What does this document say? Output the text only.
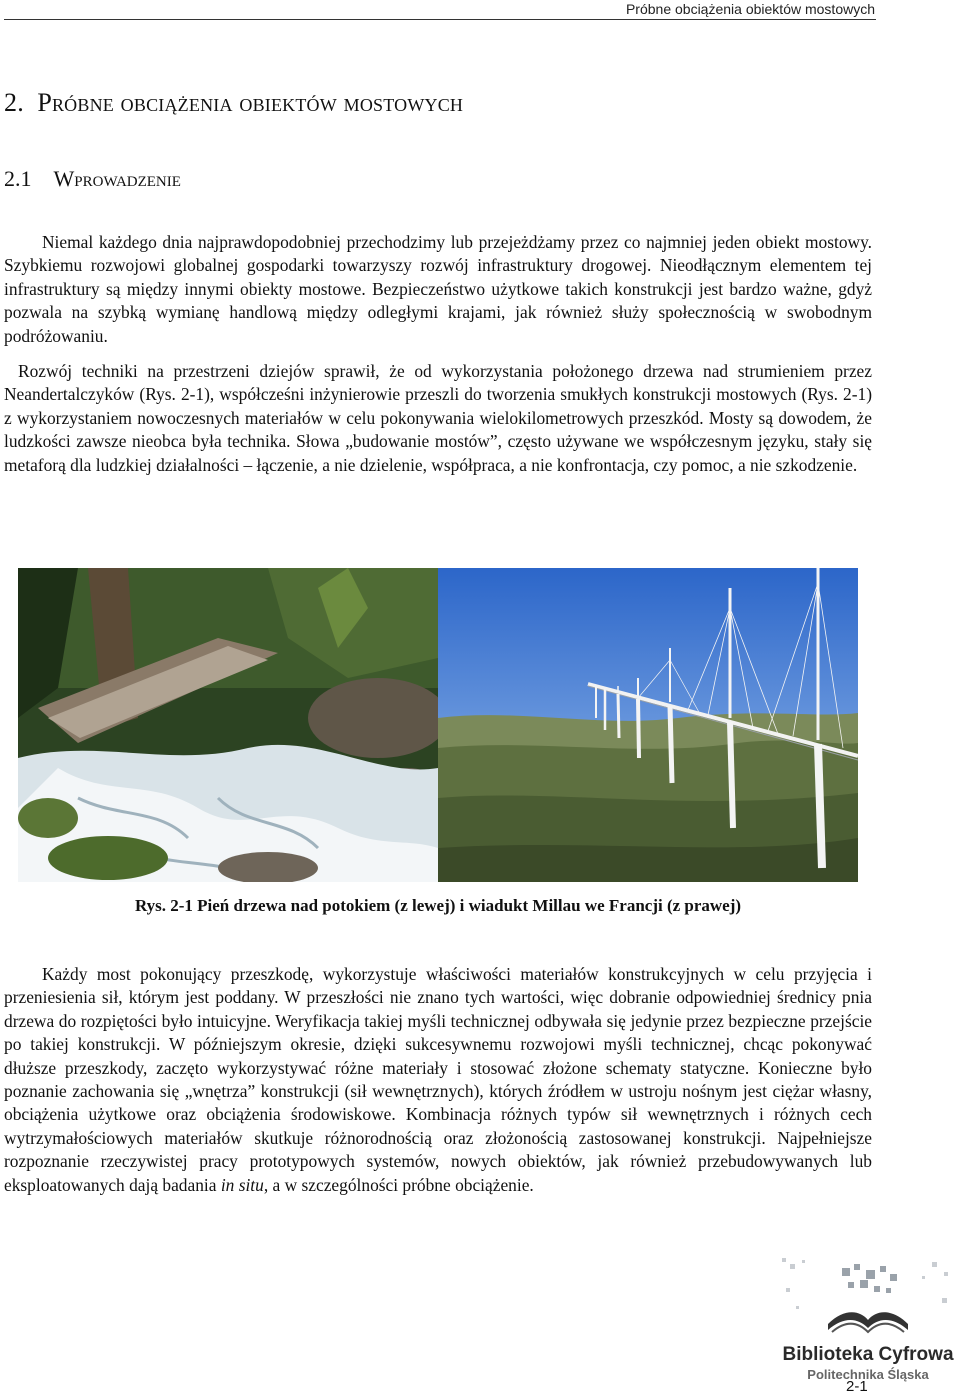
Próbne obciążenia obiektów mostowych
2. Próbne obciążenia obiektów mostowych
2.1 Wprowadzenie

Niemal każdego dnia najprawdopodobniej przechodzimy lub przejeżdżamy przez co najmniej jeden obiekt mostowy. Szybkiemu rozwojowi globalnej gospodarki towarzyszy rozwój infrastruktury drogowej. Nieodłącznym elementem tej infrastruktury są między innymi obiekty mostowe. Bezpieczeństwo użytkowe takich konstrukcji jest bardzo ważne, gdyż pozwala na szybką wymianę handlową między odległymi krajami, jak również służy społecznością w swobodnym podróżowaniu.

Rozwój techniki na przestrzeni dziejów sprawił, że od wykorzystania położonego drzewa nad strumieniem przez Neandertalczyków (Rys. 2-1), współcześni inżynierowie przeszli do tworzenia smukłych konstrukcji mostowych (Rys. 2-1) z wykorzystaniem nowoczesnych materiałów w celu pokonywania wielokilometrowych przeszkód. Mosty są dowodem, że ludzkości zawsze nieobca była technika. Słowa „budowanie mostów”, często używane we współczesnym języku, stały się metaforą dla ludzkiej działalności – łączenie, a nie dzielenie, współpraca, a nie konfrontacja, czy pomoc, a nie szkodzenie.

Rys. 2-1 Pień drzewa nad potokiem (z lewej) i wiadukt Millau we Francji (z prawej)

Każdy most pokonujący przeszkodę, wykorzystuje właściwości materiałów konstrukcyjnych w celu przyjęcia i przeniesienia sił, którym jest poddany. W przeszłości nie znano tych wartości, więc dobranie odpowiedniej średnicy pnia drzewa do rozpiętości było intuicyjne. Weryfikacja takiej myśli technicznej odbywała się jedynie przez bezpieczne przejście po takiej konstrukcji. W późniejszym okresie, dzięki sukcesywnemu rozwojowi myśli technicznej, chcąc pokonywać dłuższe przeszkody, zaczęto wykorzystywać różne materiały i stosować złożone schematy statyczne. Konieczne było poznanie zachowania się „wnętrza” konstrukcji (sił wewnętrznych), których źródłem w ustroju nośnym jest ciężar własny, obciążenia użytkowe oraz obciążenia środowiskowe. Kombinacja różnych typów sił wewnętrznych i różnych cech wytrzymałościowych materiałów skutkuje różnorodnością oraz złożonością zastosowanej konstrukcji. Najpełniejsze rozpoznanie rzeczywistej pracy prototypowych systemów, nowych obiektów, jak również przebudowywanych lub eksploatowanych dają badania in situ, a w szczególności próbne obciążenie.

Biblioteka Cyfrowa
Politechnika Śląska
2-1
